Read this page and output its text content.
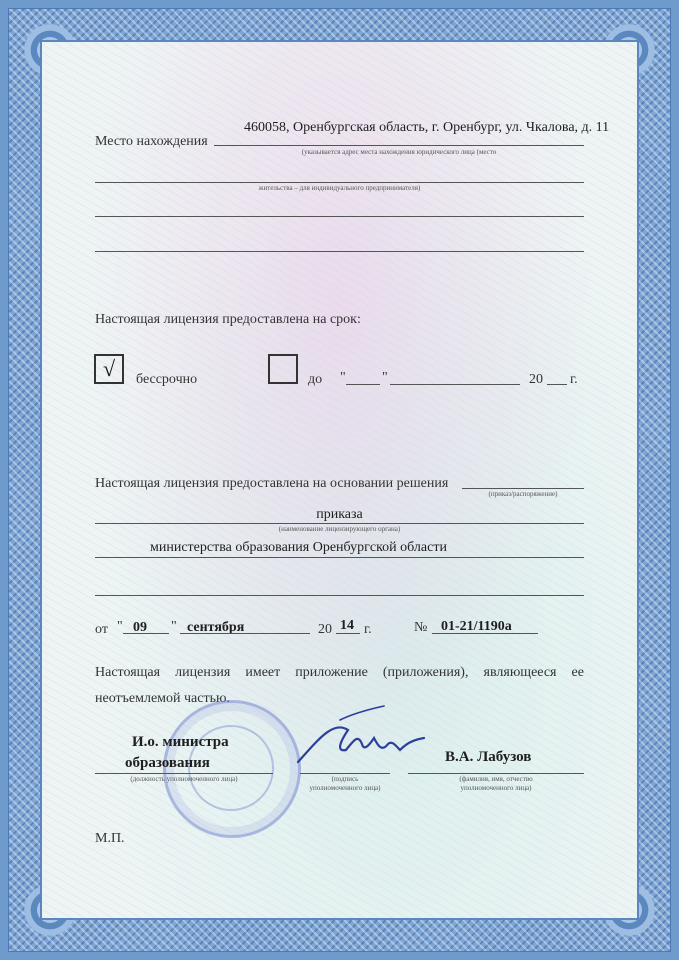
Место нахождения
460058, Оренбургская область, г. Оренбург, ул. Чкалова, д. 11
(указывается адрес места нахождения юридического лица (место
жительства – для индивидуального предпринимателя)
Настоящая лицензия предоставлена на срок:
√	бессрочно	до "	"	20 г.
Настоящая лицензия предоставлена на основании решения
(приказ/распоряжение)
приказа
(наименование лицензирующего органа)
министерства образования Оренбургской области
от " 09 " сентября	20 14 г.	№ 01-21/1190а
Настоящая лицензия имеет приложение (приложения), являющееся ее
неотъемлемой частью.
И.о. министра
образования
(должность уполномоченного лица)	(подпись
уполномоченного лица)
В.А. Лабузов
(фамилия, имя, отчество
уполномоченного лица)
М.П.
